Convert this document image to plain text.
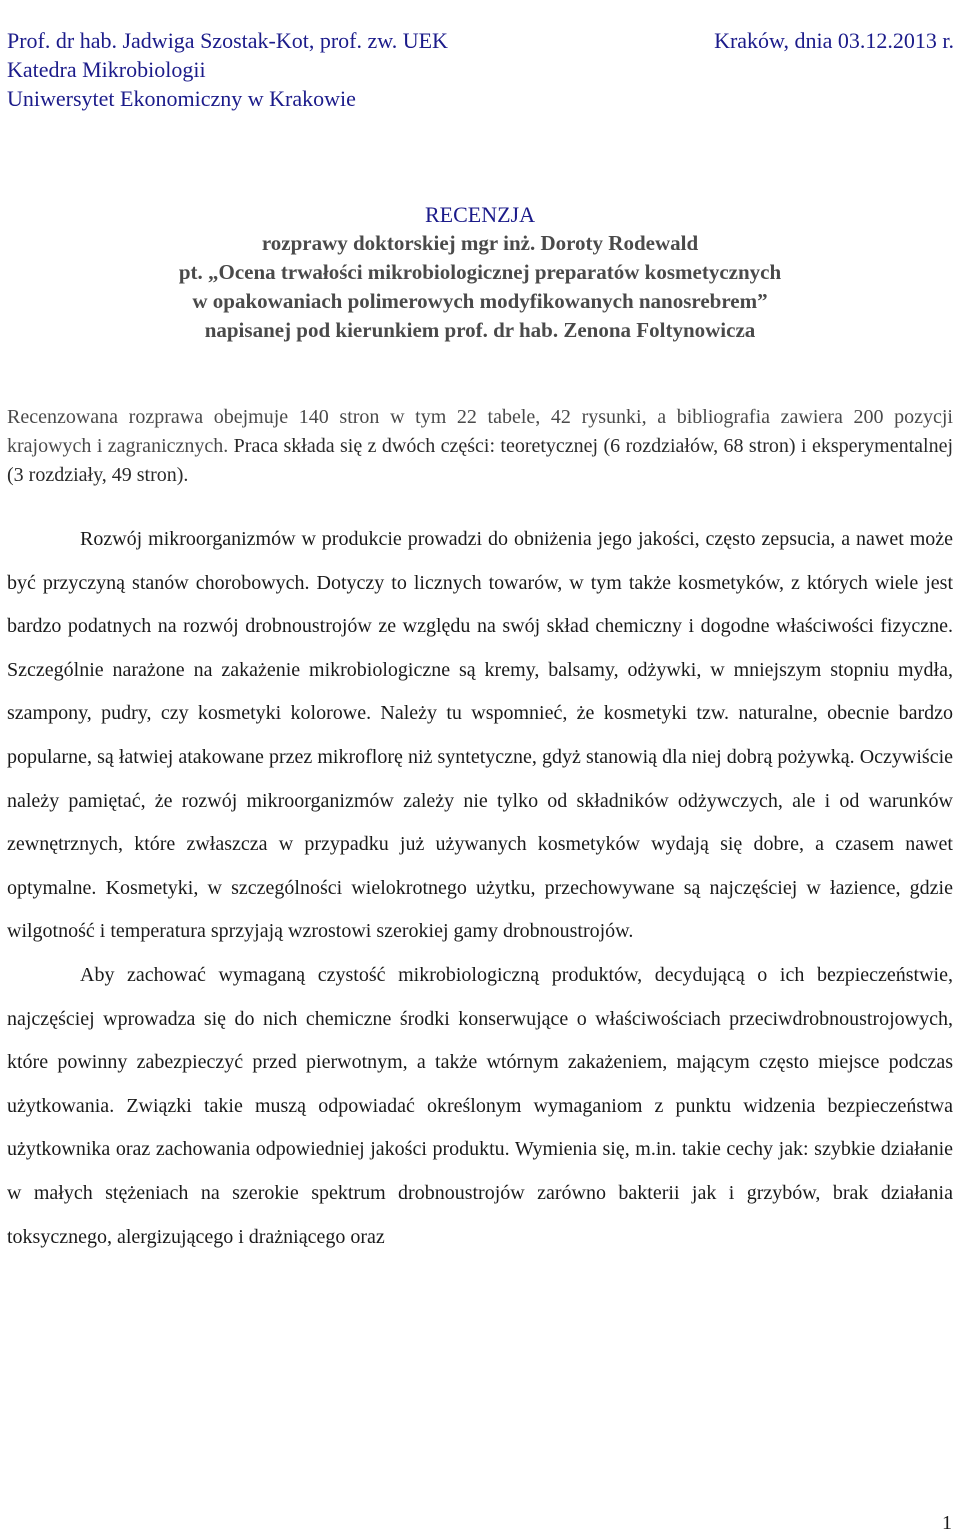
Prof. dr hab. Jadwiga Szostak-Kot, prof. zw. UEK
Katedra Mikrobiologii
Uniwersytet Ekonomiczny w Krakowie
Kraków, dnia 03.12.2013 r.
RECENZJA
rozprawy doktorskiej mgr inż. Doroty Rodewald
pt. „Ocena trwałości mikrobiologicznej preparatów kosmetycznych
w opakowaniach polimerowych modyfikowanych nanosrebrem”
napisanej pod kierunkiem prof. dr hab. Zenona Foltynowicza
Recenzowana rozprawa obejmuje 140 stron w tym 22 tabele, 42 rysunki, a bibliografia zawiera 200 pozycji krajowych i zagranicznych. Praca składa się z dwóch części: teoretycznej (6 rozdziałów, 68 stron) i eksperymentalnej (3 rozdziały, 49 stron).

Rozwój mikroorganizmów w produkcie prowadzi do obniżenia jego jakości, często zepsucia, a nawet może być przyczyną stanów chorobowych. Dotyczy to licznych towarów, w tym także kosmetyków, z których wiele jest bardzo podatnych na rozwój drobnoustrojów ze względu na swój skład chemiczny i dogodne właściwości fizyczne. Szczególnie narażone na zakażenie mikrobiologiczne są kremy, balsamy, odżywki, w mniejszym stopniu mydła, szampony, pudry, czy kosmetyki kolorowe. Należy tu wspomnieć, że kosmetyki tzw. naturalne, obecnie bardzo popularne, są łatwiej atakowane przez mikroflorę niż syntetyczne, gdyż stanowią dla niej dobrą pożywką. Oczywiście należy pamiętać, że rozwój mikroorganizmów zależy nie tylko od składników odżywczych, ale i od warunków zewnętrznych, które zwłaszcza w przypadku już używanych kosmetyków wydają się dobre, a czasem nawet optymalne. Kosmetyki, w szczególności wielokrotnego użytku, przechowywane są najczęściej w łazience, gdzie wilgotność i temperatura sprzyjają wzrostowi szerokiej gamy drobnoustrojów.

Aby zachować wymaganą czystość mikrobiologiczną produktów, decydującą o ich bezpieczeństwie, najczęściej wprowadza się do nich chemiczne środki konserwujące o właściwościach przeciwdrobnoustrojowych, które powinny zabezpieczyć przed pierwotnym, a także wtórnym zakażeniem, mającym często miejsce podczas użytkowania. Związki takie muszą odpowiadać określonym wymaganiom z punktu widzenia bezpieczeństwa użytkownika oraz zachowania odpowiedniej jakości produktu. Wymienia się, m.in. takie cechy jak: szybkie działanie w małych stężeniach na szerokie spektrum drobnoustrojów zarówno bakterii jak i grzybów, brak działania toksycznego, alergizującego i drażniącego oraz

1
